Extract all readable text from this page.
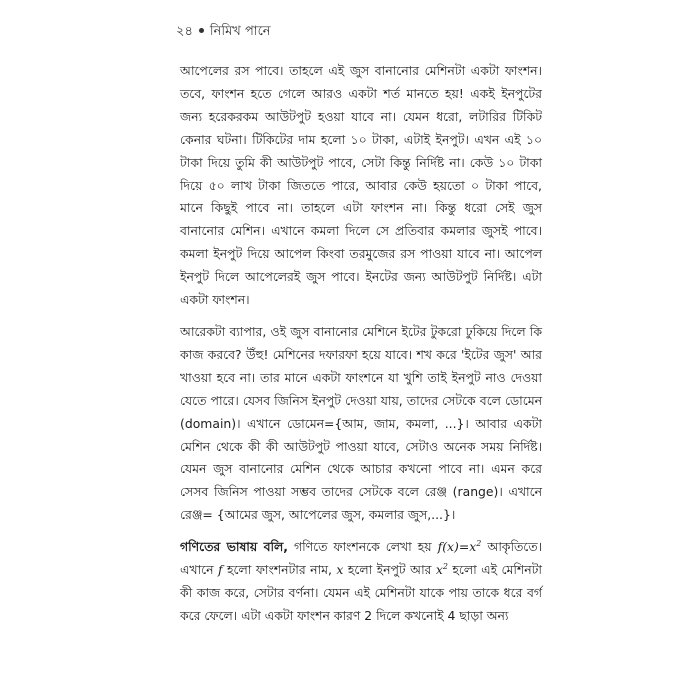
২৪ নিমিখ পানে

আপেলের রস পাবে। তাহলে এই জুস বানানোর মেশিনটা একটা ফাংশন। তবে, ফাংশন হতে গেলে আরও একটা শর্ত মানতে হয়! একই ইনপুটের জন্য হরেকরকম আউটপুট হওয়া যাবে না। যেমন ধরো, লটারির টিকিট কেনার ঘটনা। টিকিটের দাম হলো ১০ টাকা, এটাই ইনপুট। এখন এই ১০ টাকা দিয়ে তুমি কী আউটপুট পাবে, সেটা কিন্তু নির্দিষ্ট না। কেউ ১০ টাকা দিয়ে ৫০ লাখ টাকা জিততে পারে, আবার কেউ হয়তো ০ টাকা পাবে, মানে কিছুই পাবে না। তাহলে এটা ফাংশন না। কিন্তু ধরো সেই জুস বানানোর মেশিন। এখানে কমলা দিলে সে প্রতিবার কমলার জুসই পাবে। কমলা ইনপুট দিয়ে আপেল কিংবা তরমুজের রস পাওয়া যাবে না। আপেল ইনপুট দিলে আপেলেরই জুস পাবে। ইনটের জন্য আউটপুট নির্দিষ্ট। এটা একটা ফাংশন।

আরেকটা ব্যাপার, ওই জুস বানানোর মেশিনে ইটের টুকরো ঢুকিয়ে দিলে কি কাজ করবে? উঁহু! মেশিনের দফারফা হয়ে যাবে। শখ করে 'ইটের জুস' আর খাওয়া হবে না। তার মানে একটা ফাংশনে যা খুশি তাই ইনপুট নাও দেওয়া যেতে পারে। যেসব জিনিস ইনপুট দেওয়া যায়, তাদের সেটকে বলে ডোমেন (domain)। এখানে ডোমেন={আম, জাম, কমলা, ...}। আবার একটা মেশিন থেকে কী কী আউটপুট পাওয়া যাবে, সেটাও অনেক সময় নির্দিষ্ট। যেমন জুস বানানোর মেশিন থেকে আচার কখনো পাবে না। এমন করে সেসব জিনিস পাওয়া সম্ভব তাদের সেটকে বলে রেঞ্জ (range)। এখানে রেঞ্জ= {আমের জুস, আপেলের জুস, কমলার জুস,...}।

গণিতের ভাষায় বলি, গণিতে ফাংশনকে লেখা হয় $f(x)=x^2$ আকৃতিতে। এখানে f হলো ফাংশনটার নাম, x হলো ইনপুট আর $x^2$ হলো এই মেশিনটা কী কাজ করে, সেটার বর্ণনা। যেমন এই মেশিনটা যাকে পায় তাকে ধরে বর্গ করে ফেলে। এটা একটা ফাংশন কারণ 2 দিলে কখনোই 4 ছাড়া অন্য
